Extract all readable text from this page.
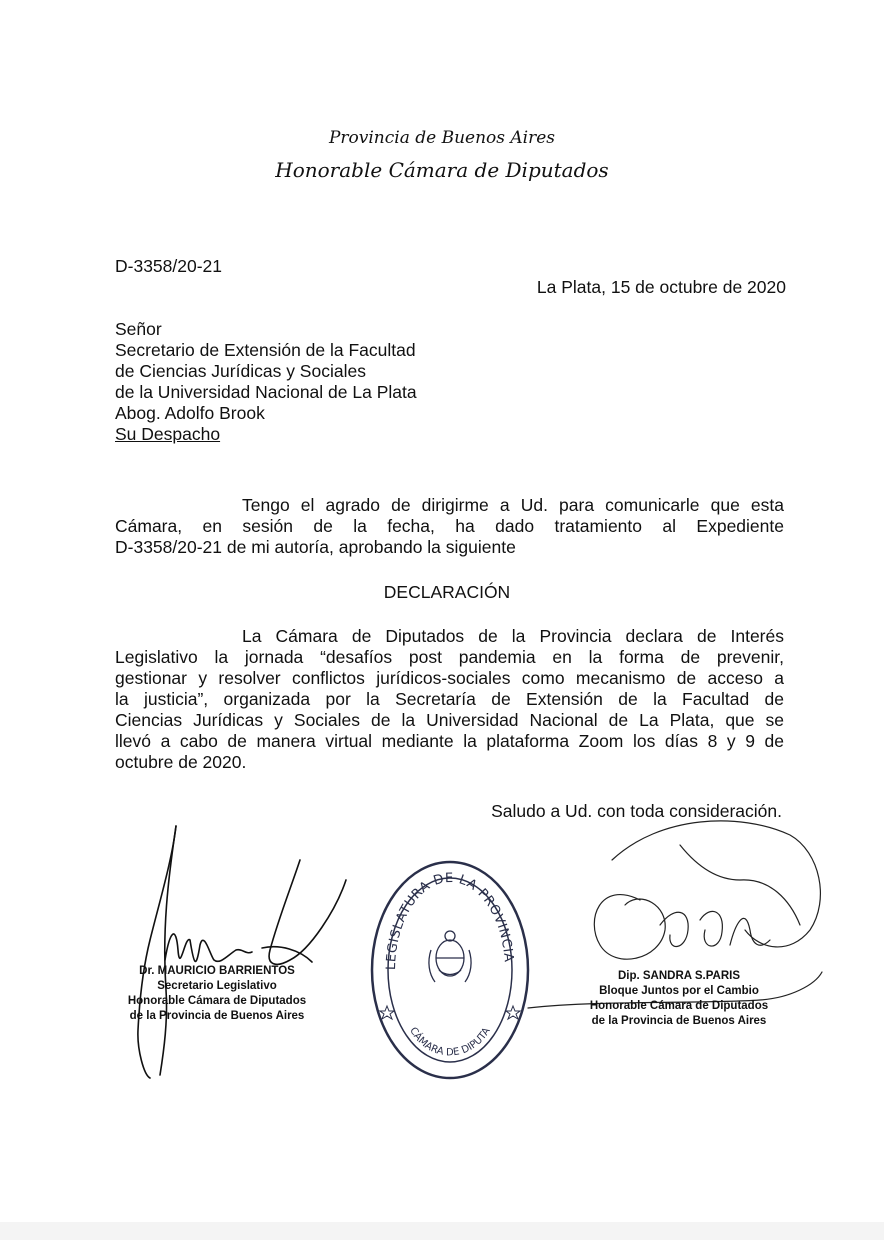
Provincia de Buenos Aires
Honorable Cámara de Diputados
D-3358/20-21
La Plata, 15 de octubre de 2020
Señor
Secretario de Extensión de la Facultad
de Ciencias Jurídicas y Sociales
de la Universidad Nacional de La Plata
Abog. Adolfo Brook
Su Despacho
Tengo el agrado de dirigirme a Ud. para comunicarle que esta
Cámara, en sesión de la fecha, ha dado tratamiento al Expediente
D-3358/20-21 de mi autoría, aprobando la siguiente
DECLARACIÓN
La Cámara de Diputados de la Provincia declara de Interés
Legislativo la jornada “desafíos post pandemia en la forma de prevenir,
gestionar y resolver conflictos jurídicos-sociales como mecanismo de acceso a
la justicia”, organizada por la Secretaría de Extensión de la Facultad de
Ciencias Jurídicas y Sociales de la Universidad Nacional de La Plata, que se
llevó a cabo de manera virtual mediante la plataforma Zoom los días 8 y 9 de
octubre de 2020.
Saludo a Ud. con toda consideración.
Dr. MAURICIO BARRIENTOS
Secretario Legislativo
Honorable Cámara de Diputados
de la Provincia de Buenos Aires
LEGISLATURA DE LA PROVINCIA
CÁMARA DE DIPUTA
Dip. SANDRA S.PARIS
Bloque Juntos por el Cambio
Honorable Cámara de Diputados
de la Provincia de Buenos Aires
